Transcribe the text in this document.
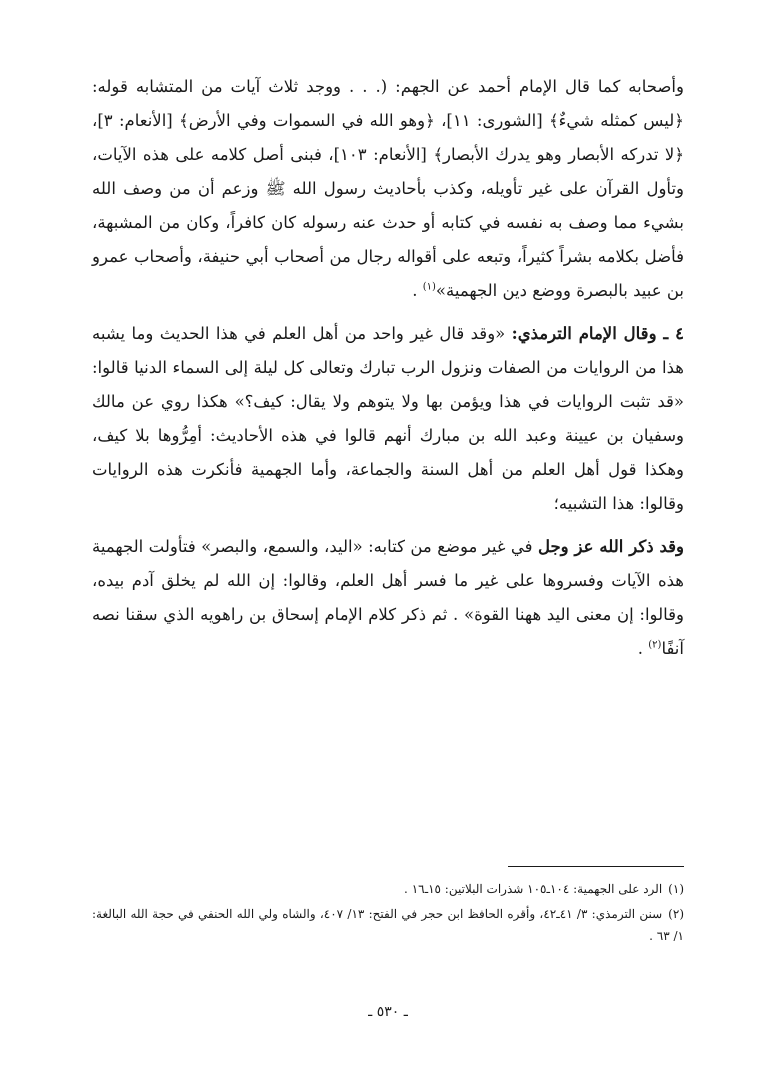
وأصحابه كما قال الإمام أحمد عن الجهم: (. . . ووجد ثلاث آيات من المتشابه قوله: ﴿ليس كمثله شيءٌ﴾ [الشورى: ١١]، ﴿وهو الله في السموات وفي الأرض﴾ [الأنعام: ٣]، ﴿لا تدركه الأبصار وهو يدرك الأبصار﴾ [الأنعام: ١٠٣]، فبنى أصل كلامه على هذه الآيات، وتأول القرآن على غير تأويله، وكذب بأحاديث رسول الله ﷺ وزعم أن من وصف الله بشيء مما وصف به نفسه في كتابه أو حدث عنه رسوله كان كافراً، وكان من المشبهة، فأضل بكلامه بشراً كثيراً، وتبعه على أقواله رجال من أصحاب أبي حنيفة، وأصحاب عمرو بن عبيد بالبصرة ووضع دين الجهمية»$^{(١)}$ .

٤ ـ وقال الإمام الترمذي: «وقد قال غير واحد من أهل العلم في هذا الحديث وما يشبه هذا من الروايات من الصفات ونزول الرب تبارك وتعالى كل ليلة إلى السماء الدنيا قالوا: «قد تثبت الروايات في هذا ويؤمن بها ولا يتوهم ولا يقال: كيف؟» هكذا روي عن مالك وسفيان بن عيينة وعبد الله بن مبارك أنهم قالوا في هذه الأحاديث: أمِرُّوها بلا كيف، وهكذا قول أهل العلم من أهل السنة والجماعة، وأما الجهمية فأنكرت هذه الروايات وقالوا: هذا التشبيه؛

وقد ذكر الله عز وجل في غير موضع من كتابه: «اليد، والسمع، والبصر» فتأولت الجهمية هذه الآيات وفسروها على غير ما فسر أهل العلم، وقالوا: إن الله لم يخلق آدم بيده، وقالوا: إن معنى اليد ههنا القوة» . ثم ذكر كلام الإمام إسحاق بن راهويه الذي سقنا نصه آنفًا$^{(٢)}$ .

(١)الرد على الجهمية: ١٠٤ـ١٠٥ شذرات البلاتين: ١٥ـ١٦ .

(٢)سنن الترمذي: ٣/ ٤١ـ٤٢، وأقره الحافظ ابن حجر في الفتح: ١٣/ ٤٠٧، والشاه ولي الله الحنفي في حجة الله البالغة: ١/ ٦٣ .

ـ ٥٣٠ ـ
